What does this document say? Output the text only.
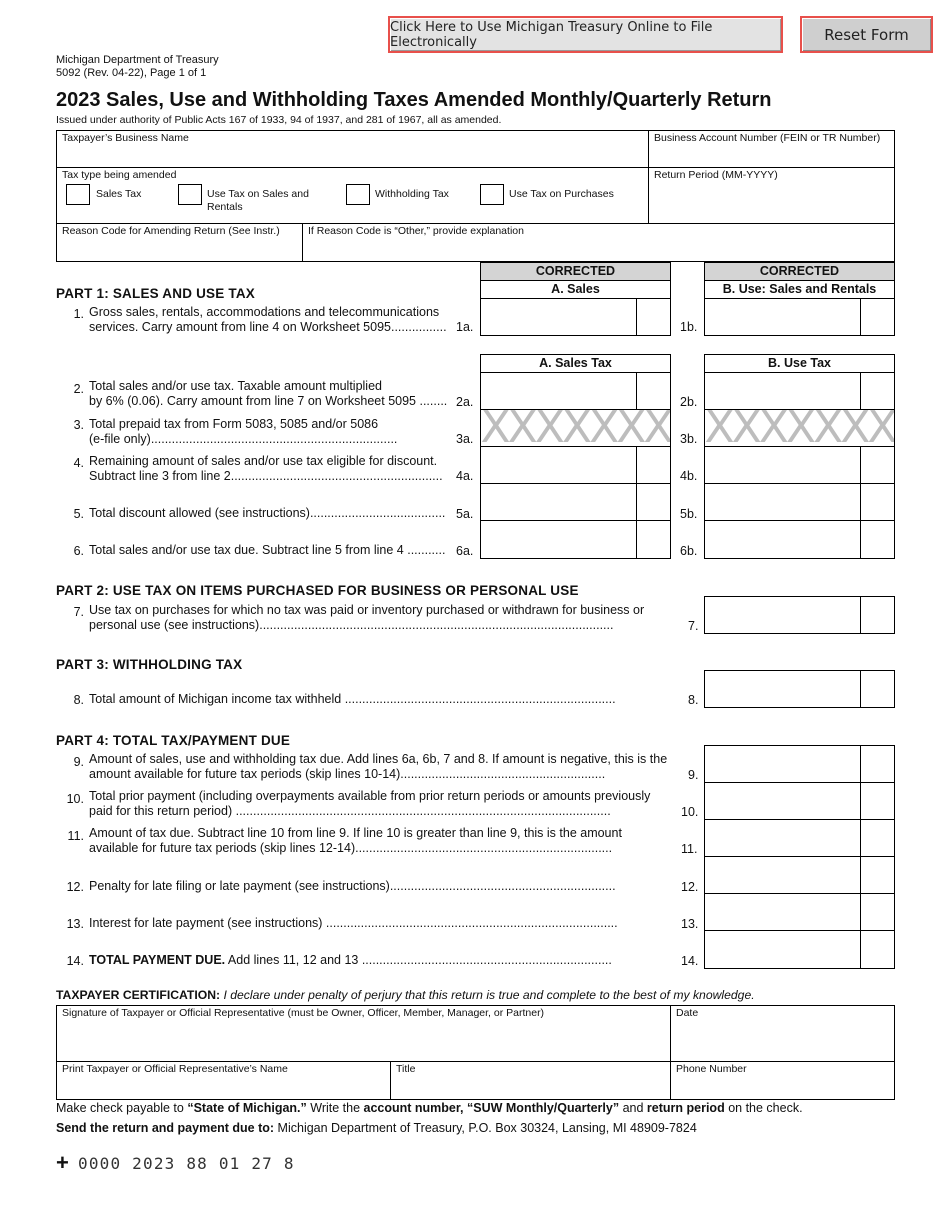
Click Here to Use Michigan Treasury Online to File Electronically	Reset Form
Michigan Department of Treasury
5092 (Rev. 04-22), Page 1 of 1
2023 Sales, Use and Withholding Taxes Amended Monthly/Quarterly Return
Issued under authority of Public Acts 167 of 1933, 94 of 1937, and 281 of 1967, all as amended.
Taxpayer’s Business Name	Business Account Number (FEIN or TR Number)
Tax type being amended	Return Period (MM-YYYY)
Reason Code for Amending Return (See Instr.)	If Reason Code is “Other,” provide explanation
Sales Tax	Use Tax on Sales and Rentals
Withholding Tax	Use Tax on Purchases
CORRECTED
A. Sales
CORRECTED
B. Use: Sales and Rentals
PART 1: SALES AND USE TAX
1. Gross sales, rentals, accommodations and telecommunications
services. Carry amount from line 4 on Worksheet 5095................ 1a.	1b.
A. Sales Tax	B. Use Tax
2. Total sales and/or use tax. Taxable amount multiplied
by 6% (0.06). Carry amount from line 7 on Worksheet 5095 ........ 2a.	2b.
3. Total prepaid tax from Form 5083, 5085 and/or 5086
(e-file only).......................................................................	3a. XXXXXXX 3b. XXXXXXX
4. Remaining amount of sales and/or use tax eligible for discount.
Subtract line 3 from line 2............................................................. 4a.	4b.
5. Total discount allowed (see instructions)....................................... 5a.	5b.
6. Total sales and/or use tax due. Subtract line 5 from line 4 ........... 6a.	6b.
PART 2: USE TAX ON ITEMS PURCHASED FOR BUSINESS OR PERSONAL USE
7. Use tax on purchases for which no tax was paid or inventory purchased or withdrawn for business or
personal use (see instructions)......................................................................................................	7.
PART 3: WITHHOLDING TAX
8. Total amount of Michigan income tax withheld ..............................................................................	8.
PART 4: TOTAL TAX/PAYMENT DUE
9. Amount of sales, use and withholding tax due. Add lines 6a, 6b, 7 and 8. If amount is negative, this is the
amount available for future tax periods (skip lines 10-14)...........................................................	9.
10. Total prior payment (including overpayments available from prior return periods or amounts previously
paid for this return period) ............................................................................................................	10.
11. Amount of tax due. Subtract line 10 from line 9. If line 10 is greater than line 9, this is the amount
available for future tax periods (skip lines 12-14)..........................................................................	11.
12. Penalty for late filing or late payment (see instructions).................................................................	12.
13. Interest for late payment (see instructions) ....................................................................................	13.
14. TOTAL PAYMENT DUE. Add lines 11, 12 and 13 ........................................................................	14.
TAXPAYER CERTIFICATION: I declare under penalty of perjury that this return is true and complete to the best of my knowledge.
Signature of Taxpayer or Official Representative (must be Owner, Officer, Member, Manager, or Partner)	Date
Print Taxpayer or Official Representative’s Name	Title	Phone Number
Make check payable to “State of Michigan.” Write the account number, “SUW Monthly/Quarterly” and return period on the check.
Send the return and payment due to: Michigan Department of Treasury, P.O. Box 30324, Lansing, MI 48909-7824
+ 0000 2023 88 01 27 8
